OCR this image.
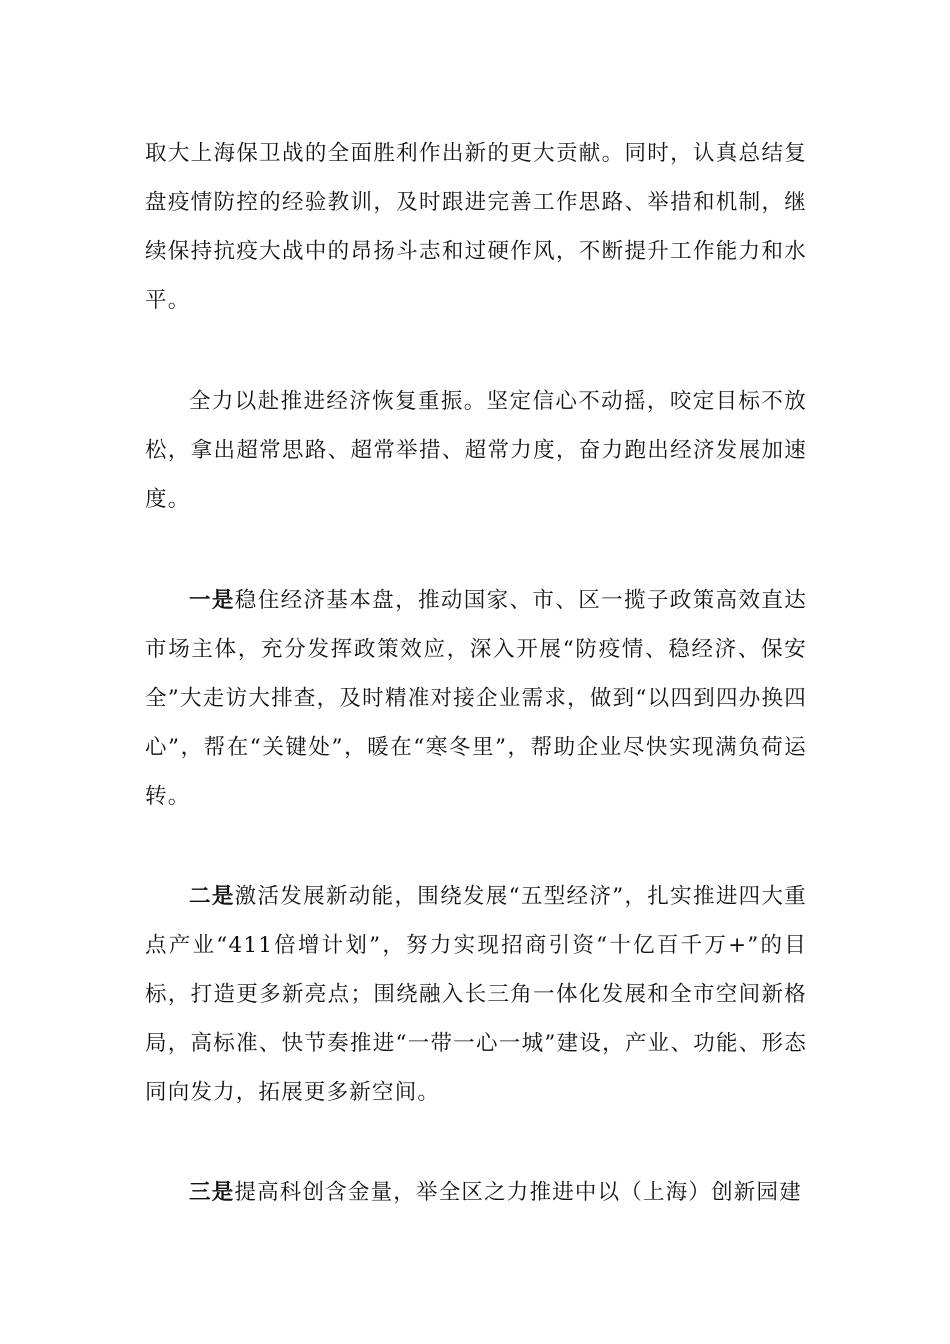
取大上海保卫战的全面胜利作出新的更大贡献。同时，认真总结复盘疫情防控的经验教训，及时跟进完善工作思路、举措和机制，继续保持抗疫大战中的昂扬斗志和过硬作风，不断提升工作能力和水平。

全力以赴推进经济恢复重振。坚定信心不动摇，咬定目标不放松，拿出超常思路、超常举措、超常力度，奋力跑出经济发展加速度。

一是稳住经济基本盘，推动国家、市、区一揽子政策高效直达市场主体，充分发挥政策效应，深入开展“防疫情、稳经济、保安全”大走访大排查，及时精准对接企业需求，做到“以四到四办换四心”，帮在“关键处”，暖在“寒冬里”，帮助企业尽快实现满负荷运转。

二是激活发展新动能，围绕发展“五型经济”，扎实推进四大重点产业“411倍增计划”，努力实现招商引资“十亿百千万+”的目标，打造更多新亮点；围绕融入长三角一体化发展和全市空间新格局，高标准、快节奏推进“一带一心一城”建设，产业、功能、形态同向发力，拓展更多新空间。

三是提高科创含金量，举全区之力推进中以（上海）创新园建
